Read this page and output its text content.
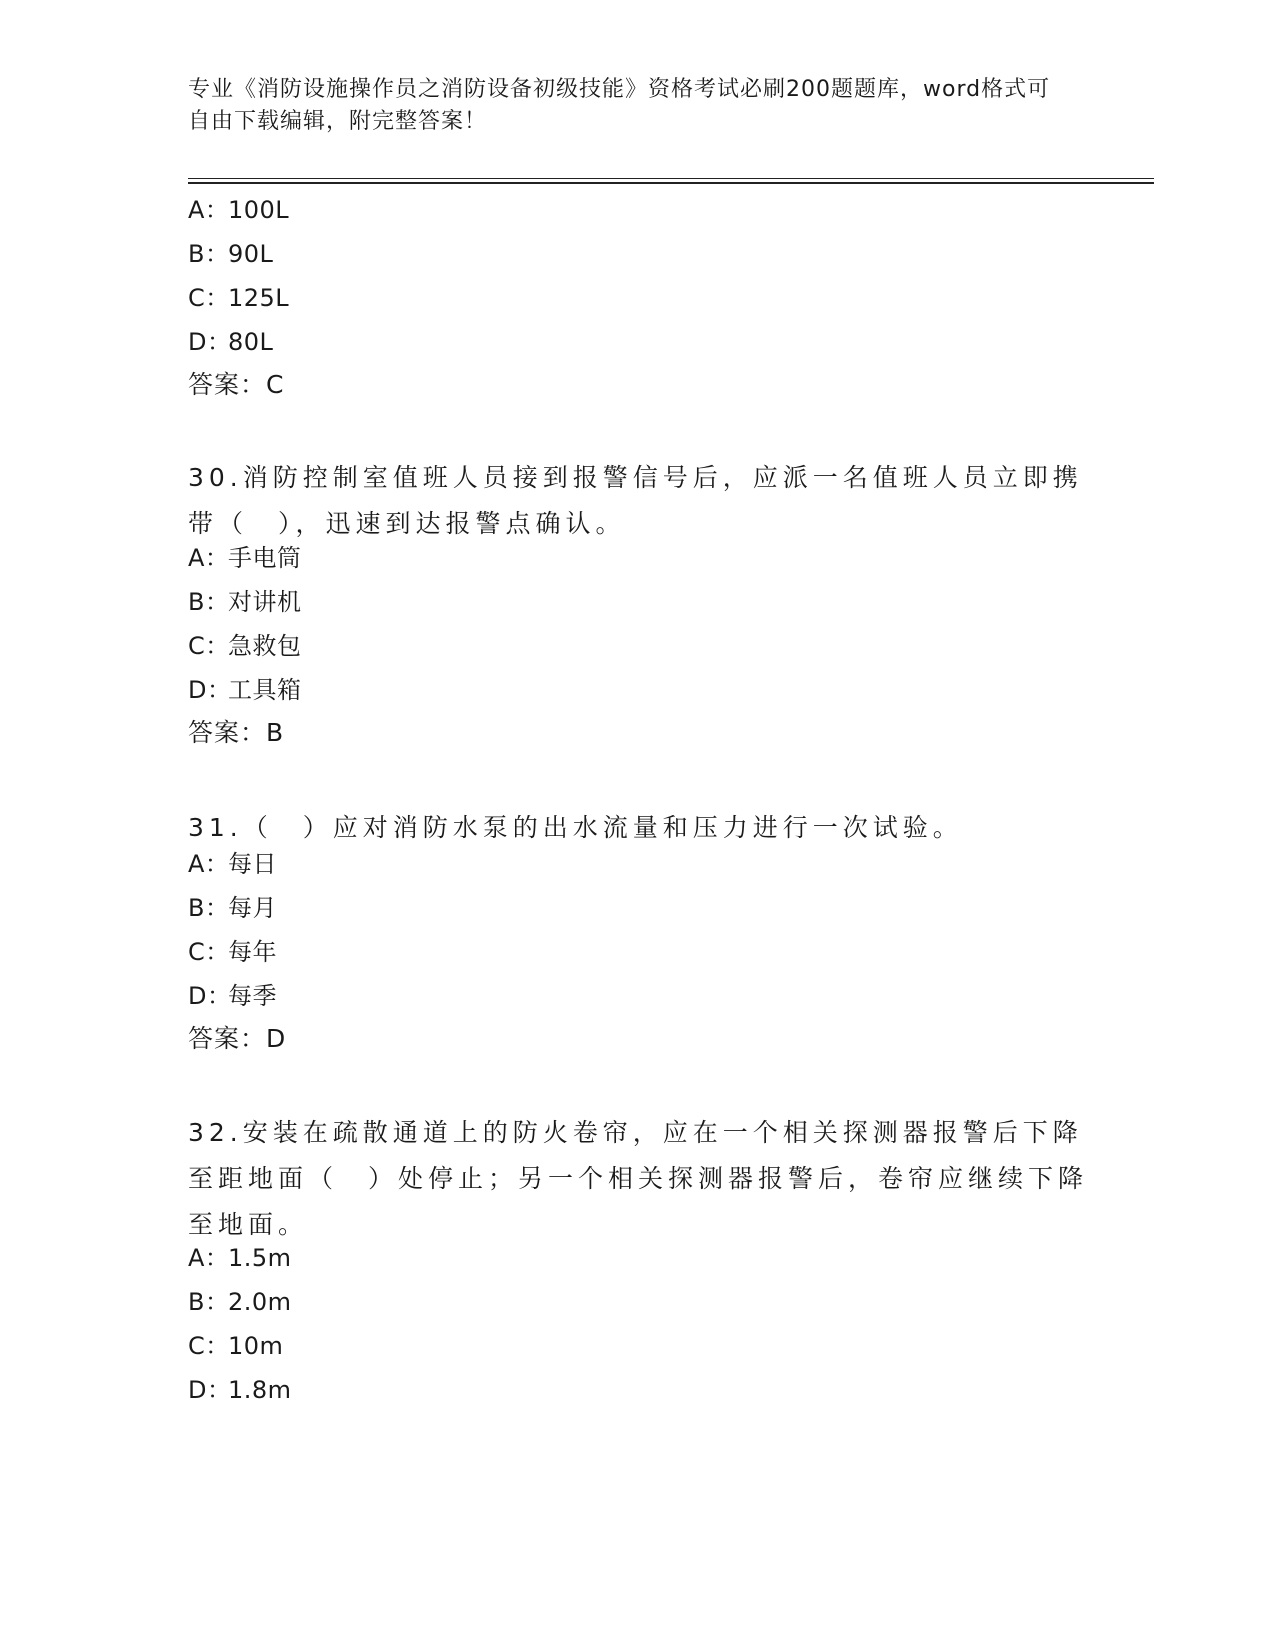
专业《消防设施操作员之消防设备初级技能》资格考试必刷200题题库，word格式可自由下载编辑，附完整答案！
A：100L
B：90L
C：125L
D：80L
答案：C
30.消防控制室值班人员接到报警信号后，应派一名值班人员立即携带（　），迅速到达报警点确认。
A：手电筒
B：对讲机
C：急救包
D：工具箱
答案：B
31.（　）应对消防水泵的出水流量和压力进行一次试验。
A：每日
B：每月
C：每年
D：每季
答案：D
32.安装在疏散通道上的防火卷帘，应在一个相关探测器报警后下降至距地面（　）处停止；另一个相关探测器报警后，卷帘应继续下降至地面。
A：1.5m
B：2.0m
C：10m
D：1.8m
